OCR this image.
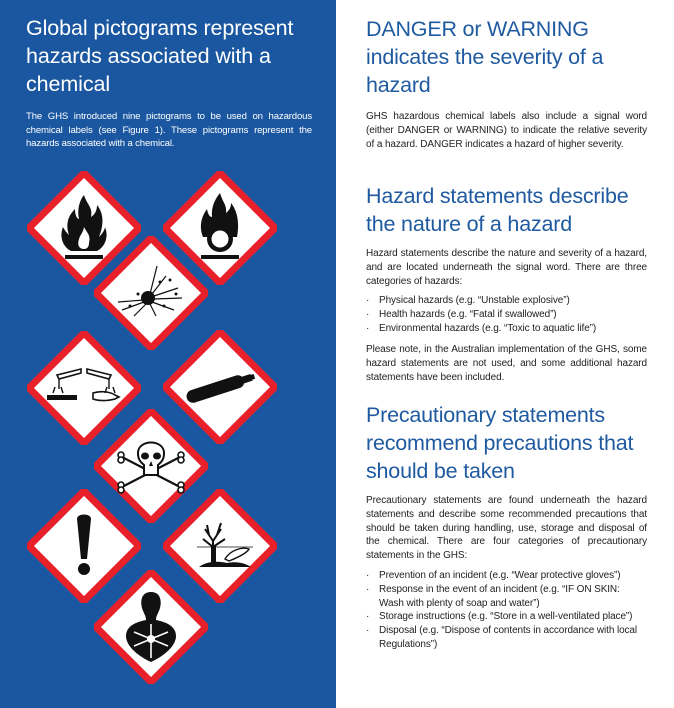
Global pictograms represent hazards associated with a chemical

The GHS introduced nine pictograms to be used on hazardous chemical labels (see Figure 1). These pictograms represent the hazards associated with a chemical.

DANGER or WARNING indicates the severity of a hazard

GHS hazardous chemical labels also include a signal word (either DANGER or WARNING) to indicate the relative severity of a hazard. DANGER indicates a hazard of higher severity.

Hazard statements describe the nature of a hazard

Hazard statements describe the nature and severity of a hazard, and are located underneath the signal word. There are three categories of hazards:

· Physical hazards (e.g. “Unstable explosive”)
· Health hazards (e.g. “Fatal if swallowed”)
· Environmental hazards (e.g. “Toxic to aquatic life”)

Please note, in the Australian implementation of the GHS, some hazard statements are not used, and some additional hazard statements have been included.

Precautionary statements recommend precautions that should be taken

Precautionary statements are found underneath the hazard statements and describe some recommended precautions that should be taken during handling, use, storage and disposal of the chemical. There are four categories of precautionary statements in the GHS:

· Prevention of an incident (e.g. “Wear protective gloves”)
· Response in the event of an incident (e.g. “IF ON SKIN: Wash with plenty of soap and water”)
· Storage instructions (e.g. “Store in a well-ventilated place”)
· Disposal (e.g. “Dispose of contents in accordance with local Regulations”)
